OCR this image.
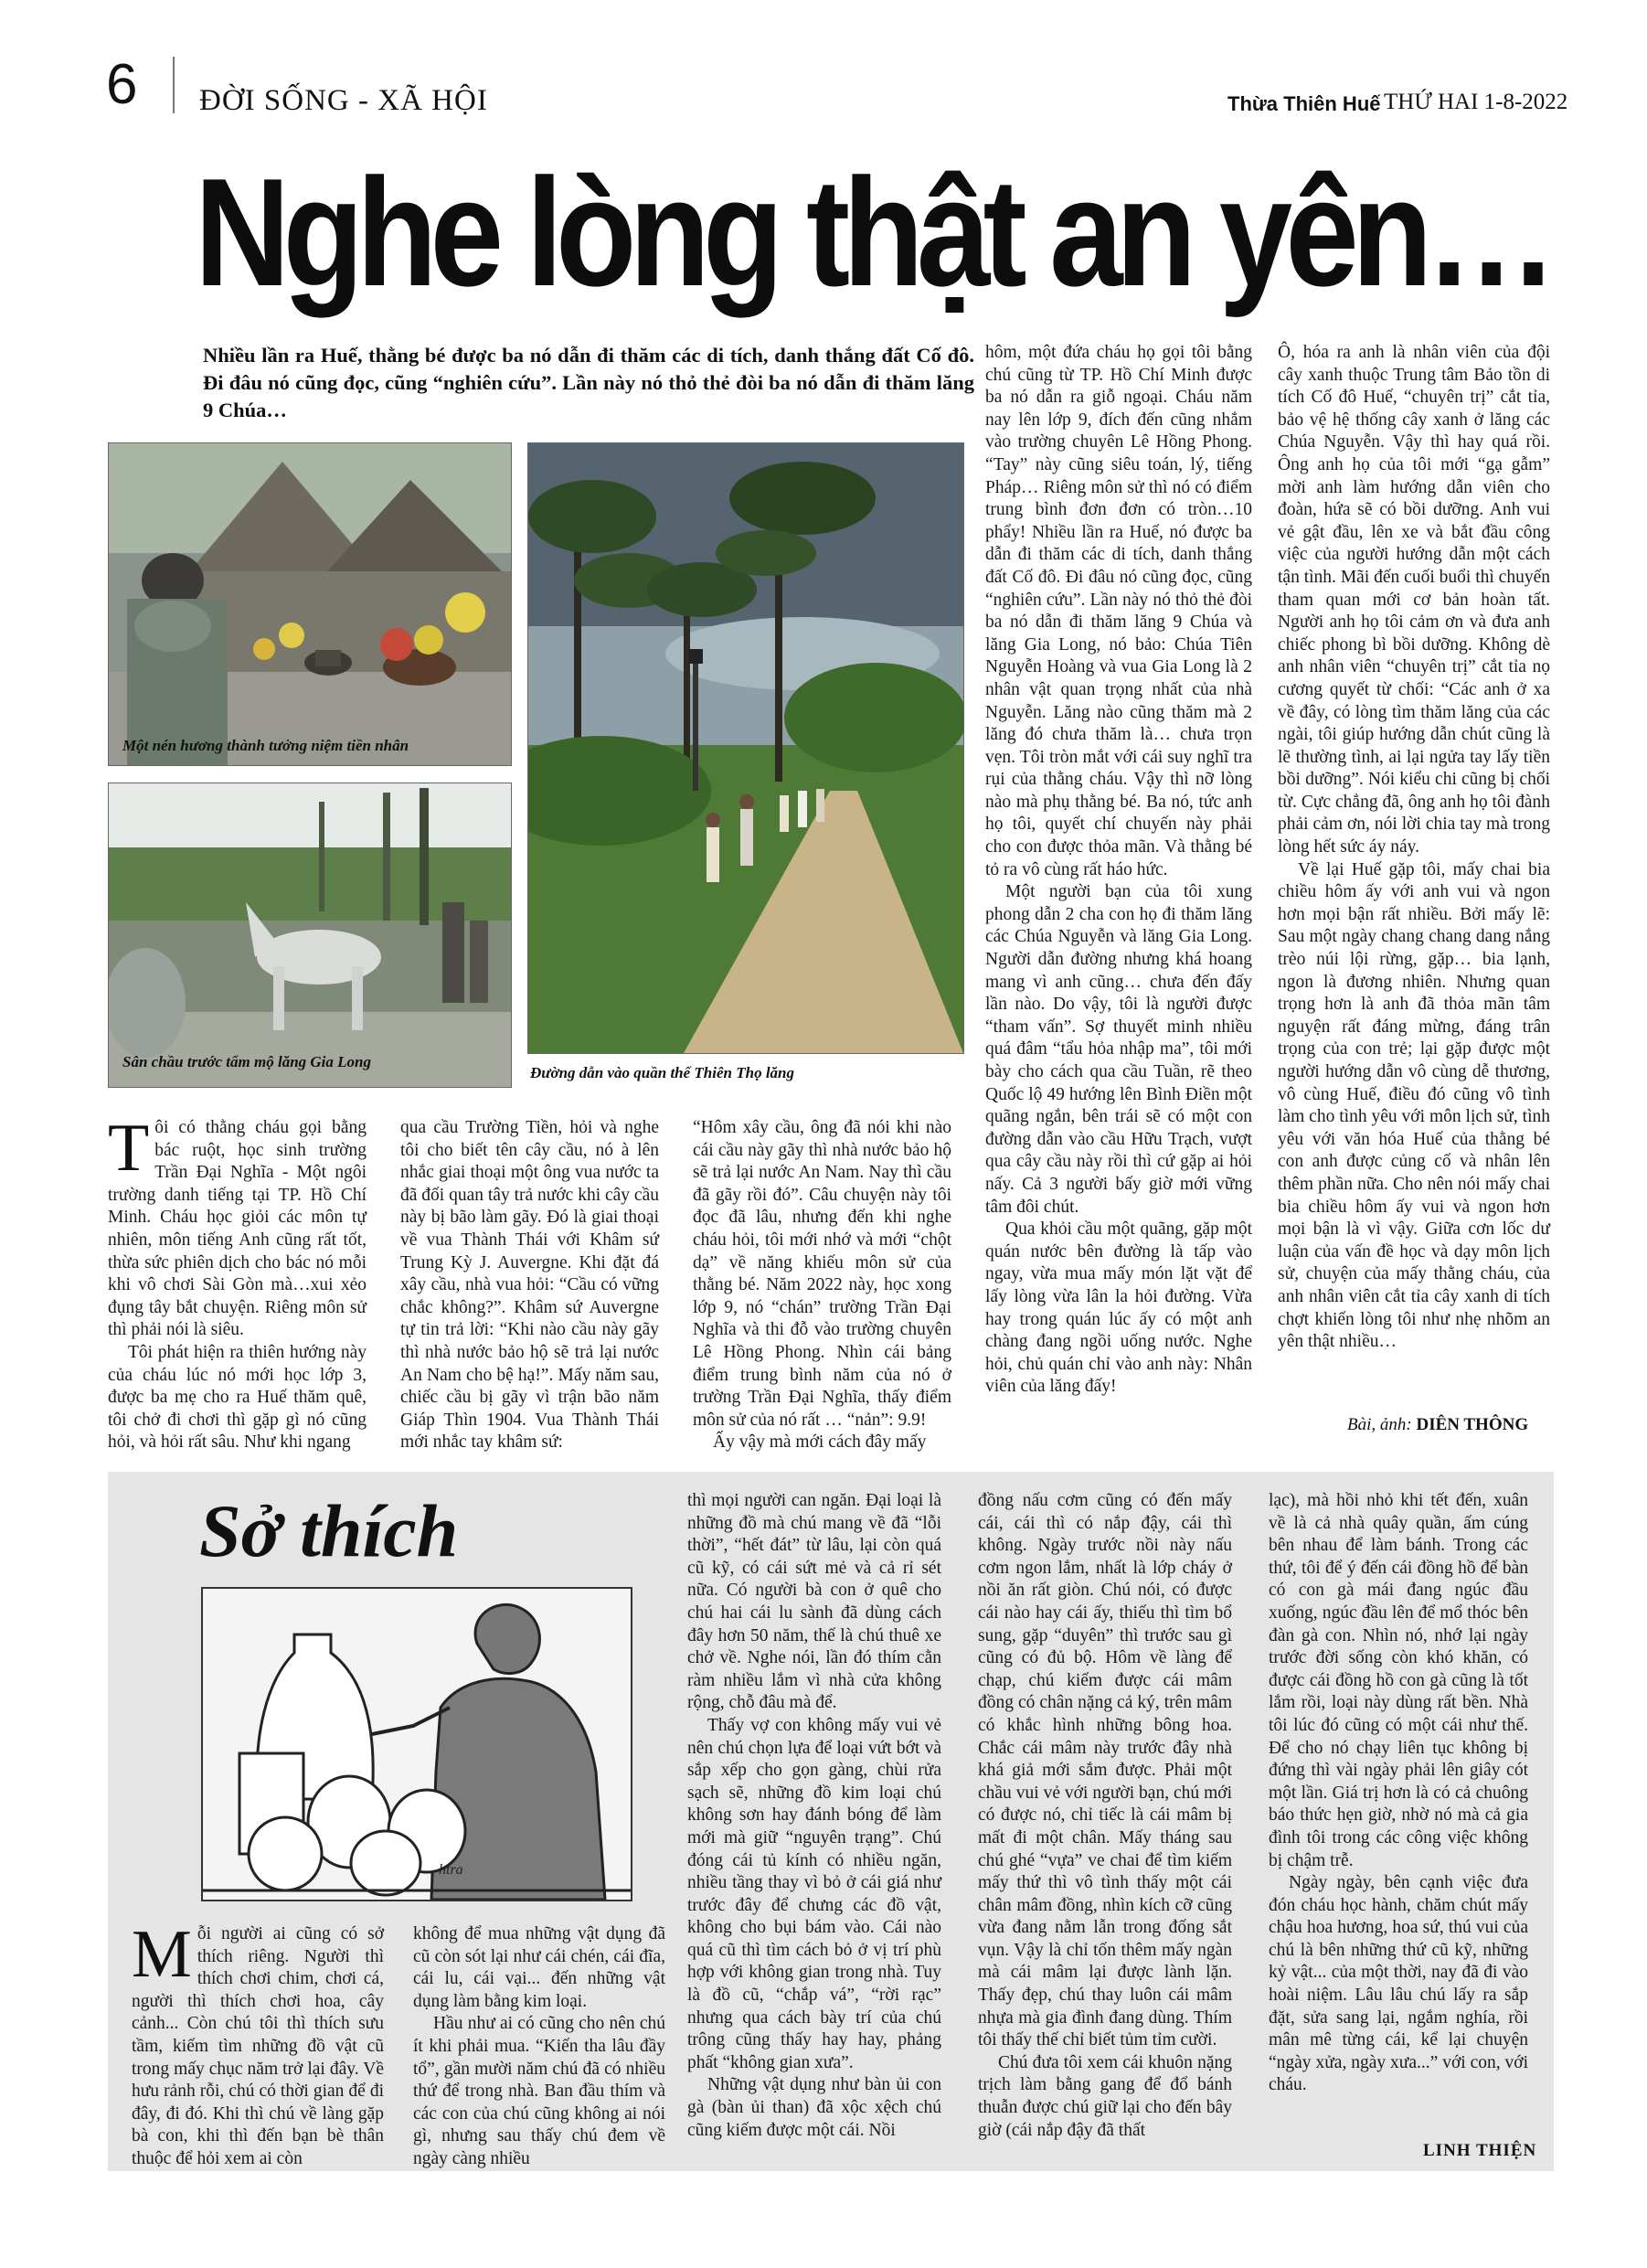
6 ĐỜI SỐNG - XÃ HỘI	Thừa Thiên Huế THỨ HAI 1-8-2022
Nghe lòng thật an yên…
Nhiều lần ra Huế, thằng bé được ba nó dẫn đi thăm các di tích, danh thắng đất Cố đô. Đi đâu nó cũng đọc, cũng “nghiên cứu”. Lần này nó thỏ thẻ đòi ba nó dẫn đi thăm lăng 9 Chúa…
Một nén hương thành tưởng niệm tiền nhân
Sân chầu trước tẩm mộ lăng Gia Long
Đường dẫn vào quần thể Thiên Thọ lăng

Tôi có thằng cháu gọi bằng bác ruột, học sinh trường Trần Đại Nghĩa - Một ngôi trường danh tiếng tại TP. Hồ Chí Minh. Cháu học giỏi các môn tự nhiên, môn tiếng Anh cũng rất tốt, thừa sức phiên dịch cho bác nó mỗi khi vô chơi Sài Gòn mà…xui xẻo đụng tây bắt chuyện. Riêng môn sử thì phải nói là siêu.

Tôi phát hiện ra thiên hướng này của cháu lúc nó mới học lớp 3, được ba mẹ cho ra Huế thăm quê, tôi chở đi chơi thì gặp gì nó cũng hỏi, và hỏi rất sâu. Như khi ngang

qua cầu Trường Tiền, hỏi và nghe tôi cho biết tên cây cầu, nó à lên nhắc giai thoại một ông vua nước ta đã đối quan tây trả nước khi cây cầu này bị bão làm gãy. Đó là giai thoại về vua Thành Thái với Khâm sứ Trung Kỳ J. Auvergne. Khi đặt đá xây cầu, nhà vua hỏi: “Cầu có vững chắc không?”. Khâm sứ Auvergne tự tin trả lời: “Khi nào cầu này gãy thì nhà nước bảo hộ sẽ trả lại nước An Nam cho bệ hạ!”. Mấy năm sau, chiếc cầu bị gãy vì trận bão năm Giáp Thìn 1904. Vua Thành Thái mới nhắc tay khâm sứ:

“Hôm xây cầu, ông đã nói khi nào cái cầu này gãy thì nhà nước bảo hộ sẽ trả lại nước An Nam. Nay thì cầu đã gãy rồi đó”. Câu chuyện này tôi đọc đã lâu, nhưng đến khi nghe cháu hỏi, tôi mới nhớ và mới “chột dạ” về năng khiếu môn sử của thằng bé. Năm 2022 này, học xong lớp 9, nó “chán” trường Trần Đại Nghĩa và thi đỗ vào trường chuyên Lê Hồng Phong. Nhìn cái bảng điểm trung bình năm của nó ở trường Trần Đại Nghĩa, thấy điểm môn sử của nó rất … “nản”: 9.9!

Ấy vậy mà mới cách đây mấy

hôm, một đứa cháu họ gọi tôi bằng chú cũng từ TP. Hồ Chí Minh được ba nó dẫn ra giỗ ngoại. Cháu năm nay lên lớp 9, đích đến cũng nhắm vào trường chuyên Lê Hồng Phong. “Tay” này cũng siêu toán, lý, tiếng Pháp… Riêng môn sử thì nó có điểm trung bình đơn đơn có tròn…10 phẩy! Nhiều lần ra Huế, nó được ba dẫn đi thăm các di tích, danh thắng đất Cố đô. Đi đâu nó cũng đọc, cũng “nghiên cứu”. Lần này nó thỏ thẻ đòi ba nó dẫn đi thăm lăng 9 Chúa và lăng Gia Long, nó bảo: Chúa Tiên Nguyễn Hoàng và vua Gia Long là 2 nhân vật quan trọng nhất của nhà Nguyễn. Lăng nào cũng thăm mà 2 lăng đó chưa thăm là… chưa trọn vẹn. Tôi tròn mắt với cái suy nghĩ tra rụi của thằng cháu. Vậy thì nỡ lòng nào mà phụ thằng bé. Ba nó, tức anh họ tôi, quyết chí chuyến này phải cho con được thỏa mãn. Và thằng bé tỏ ra vô cùng rất háo hức.

Một người bạn của tôi xung phong dẫn 2 cha con họ đi thăm lăng các Chúa Nguyễn và lăng Gia Long. Người dẫn đường nhưng khá hoang mang vì anh cũng… chưa đến đấy lần nào. Do vậy, tôi là người được “tham vấn”. Sợ thuyết minh nhiều quá đâm “tẩu hỏa nhập ma”, tôi mới bày cho cách qua cầu Tuần, rẽ theo Quốc lộ 49 hướng lên Bình Điền một quãng ngắn, bên trái sẽ có một con đường dẫn vào cầu Hữu Trạch, vượt qua cây cầu này rồi thì cứ gặp ai hỏi nấy. Cả 3 người bấy giờ mới vững tâm đôi chút.

Qua khỏi cầu một quãng, gặp một quán nước bên đường là tấp vào ngay, vừa mua mấy món lặt vặt để lấy lòng vừa lân la hỏi đường. Vừa hay trong quán lúc ấy có một anh chàng đang ngồi uống nước. Nghe hỏi, chủ quán chỉ vào anh này: Nhân viên của lăng đấy!

Ô, hóa ra anh là nhân viên của đội cây xanh thuộc Trung tâm Bảo tồn di tích Cố đô Huế, “chuyên trị” cắt tỉa, bảo vệ hệ thống cây xanh ở lăng các Chúa Nguyễn. Vậy thì hay quá rồi. Ông anh họ của tôi mới “gạ gẫm” mời anh làm hướng dẫn viên cho đoàn, hứa sẽ có bồi dưỡng. Anh vui vẻ gật đầu, lên xe và bắt đầu công việc của người hướng dẫn một cách tận tình. Mãi đến cuối buổi thì chuyến tham quan mới cơ bản hoàn tất. Người anh họ tôi cảm ơn và đưa anh chiếc phong bì bồi dưỡng. Không dè anh nhân viên “chuyên trị” cắt tỉa nọ cương quyết từ chối: “Các anh ở xa về đây, có lòng tìm thăm lăng của các ngài, tôi giúp hướng dẫn chút cũng là lẽ thường tình, ai lại ngửa tay lấy tiền bồi dưỡng”. Nói kiểu chi cũng bị chối từ. Cực chẳng đã, ông anh họ tôi đành phải cảm ơn, nói lời chia tay mà trong lòng hết sức áy náy.

Về lại Huế gặp tôi, mấy chai bia chiều hôm ấy với anh vui và ngon hơn mọi bận rất nhiều. Bởi mấy lẽ: Sau một ngày chang chang dang nắng trèo núi lội rừng, gặp… bia lạnh, ngon là đương nhiên. Nhưng quan trọng hơn là anh đã thỏa mãn tâm nguyện rất đáng mừng, đáng trân trọng của con trẻ; lại gặp được một người hướng dẫn vô cùng dễ thương, vô cùng Huế, điều đó cũng vô tình làm cho tình yêu với môn lịch sử, tình yêu với văn hóa Huế của thằng bé con anh được củng cố và nhân lên thêm phần nữa. Cho nên nói mấy chai bia chiều hôm ấy vui và ngon hơn mọi bận là vì vậy. Giữa cơn lốc dư luận của vấn đề học và dạy môn lịch sử, chuyện của mấy thằng cháu, của anh nhân viên cắt tỉa cây xanh di tích chợt khiến lòng tôi như nhẹ nhõm an yên thật nhiều…

Bài, ảnh: DIÊN THÔNG
Sở thích
htra

Mỗi người ai cũng có sở thích riêng. Người thì thích chơi chim, chơi cá, người thì thích chơi hoa, cây cảnh... Còn chú tôi thì thích sưu tầm, kiếm tìm những đồ vật cũ trong mấy chục năm trở lại đây. Về hưu rảnh rỗi, chú có thời gian để đi đây, đi đó. Khi thì chú về làng gặp bà con, khi thì đến bạn bè thân thuộc để hỏi xem ai còn

không để mua những vật dụng đã cũ còn sót lại như cái chén, cái đĩa, cái lu, cái vại... đến những vật dụng làm bằng kim loại.

Hầu như ai có cũng cho nên chú ít khi phải mua. “Kiến tha lâu đầy tổ”, gần mười năm chú đã có nhiều thứ để trong nhà. Ban đầu thím và các con của chú cũng không ai nói gì, nhưng sau thấy chú đem về ngày càng nhiều

thì mọi người can ngăn. Đại loại là những đồ mà chú mang về đã “lỗi thời”, “hết đát” từ lâu, lại còn quá cũ kỹ, có cái sứt mẻ và cả rỉ sét nữa. Có người bà con ở quê cho chú hai cái lu sành đã dùng cách đây hơn 50 năm, thế là chú thuê xe chở về. Nghe nói, lần đó thím cằn ràm nhiều lắm vì nhà cửa không rộng, chỗ đâu mà để.

Thấy vợ con không mấy vui vẻ nên chú chọn lựa để loại vứt bớt và sắp xếp cho gọn gàng, chùi rửa sạch sẽ, những đồ kim loại chú không sơn hay đánh bóng để làm mới mà giữ “nguyên trạng”. Chú đóng cái tủ kính có nhiều ngăn, nhiều tầng thay vì bỏ ở cái giá như trước đây để chưng các đồ vật, không cho bụi bám vào. Cái nào quá cũ thì tìm cách bỏ ở vị trí phù hợp với không gian trong nhà. Tuy là đồ cũ, “chắp vá”, “rời rạc” nhưng qua cách bày trí của chú trông cũng thấy hay hay, phảng phất “không gian xưa”.

Những vật dụng như bàn ủi con gà (bàn ủi than) đã xộc xệch chú cũng kiếm được một cái. Nồi

đồng nấu cơm cũng có đến mấy cái, cái thì có nắp đậy, cái thì không. Ngày trước nồi này nấu cơm ngon lắm, nhất là lớp cháy ở nồi ăn rất giòn. Chú nói, có được cái nào hay cái ấy, thiếu thì tìm bổ sung, gặp “duyên” thì trước sau gì cũng có đủ bộ. Hôm về làng để chạp, chú kiếm được cái mâm đồng có chân nặng cả ký, trên mâm có khắc hình những bông hoa. Chắc cái mâm này trước đây nhà khá giả mới sắm được. Phải một chầu vui vẻ với người bạn, chú mới có được nó, chỉ tiếc là cái mâm bị mất đi một chân. Mấy tháng sau chú ghé “vựa” ve chai để tìm kiếm mấy thứ thì vô tình thấy một cái chân mâm đồng, nhìn kích cỡ cũng vừa đang nằm lẫn trong đống sắt vụn. Vậy là chỉ tốn thêm mấy ngàn mà cái mâm lại được lành lặn. Thấy đẹp, chú thay luôn cái mâm nhựa mà gia đình đang dùng. Thím tôi thấy thế chỉ biết tủm tỉm cười.

Chú đưa tôi xem cái khuôn nặng trịch làm bằng gang để đổ bánh thuẫn được chú giữ lại cho đến bây giờ (cái nắp đậy đã thất

lạc), mà hồi nhỏ khi tết đến, xuân về là cả nhà quây quần, ấm cúng bên nhau để làm bánh. Trong các thứ, tôi để ý đến cái đồng hồ để bàn có con gà mái đang ngúc đầu xuống, ngúc đầu lên để mổ thóc bên đàn gà con. Nhìn nó, nhớ lại ngày trước đời sống còn khó khăn, có được cái đồng hồ con gà cũng là tốt lắm rồi, loại này dùng rất bền. Nhà tôi lúc đó cũng có một cái như thế. Để cho nó chạy liên tục không bị đứng thì vài ngày phải lên giây cót một lần. Giá trị hơn là có cả chuông báo thức hẹn giờ, nhờ nó mà cả gia đình tôi trong các công việc không bị chậm trễ.

Ngày ngày, bên cạnh việc đưa đón cháu học hành, chăm chút mấy chậu hoa hương, hoa sứ, thú vui của chú là bên những thứ cũ kỹ, những kỷ vật... của một thời, nay đã đi vào hoài niệm. Lâu lâu chú lấy ra sắp đặt, sửa sang lại, ngắm nghía, rồi mân mê từng cái, kể lại chuyện “ngày xửa, ngày xưa...” với con, với cháu.

LINH THIỆN
